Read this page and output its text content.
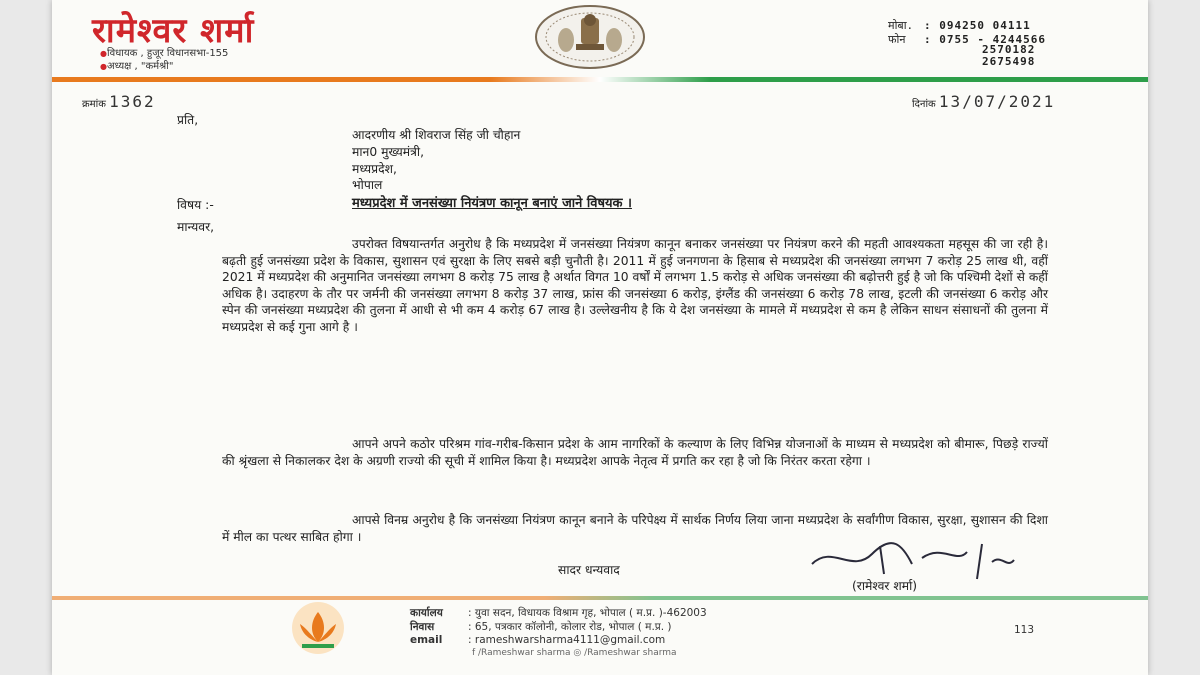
रामेश्वर शर्मा
● विधायक , हुजूर विधानसभा-155
● अध्यक्ष , "कर्मश्री"
मोबा. : 094250 04111
फोन : 0755 - 4244566
2570182
2675498
क्रमांक 1362	दिनांक 13/07/2021
प्रति,
आदरणीय श्री शिवराज सिंह जी चौहान
मान0 मुख्यमंत्री,
मध्यप्रदेश,
भोपाल
विषय :-	मध्यप्रदेश में जनसंख्या नियंत्रण कानून बनाएं जाने विषयक ।
मान्यवर,
उपरोक्त विषयान्तर्गत अनुरोध है कि मध्यप्रदेश में जनसंख्या नियंत्रण कानून बनाकर जनसंख्या पर नियंत्रण करने की महती आवश्यकता महसूस की जा रही है। बढ़ती हुई जनसंख्या प्रदेश के विकास, सुशासन एवं सुरक्षा के लिए सबसे बड़ी चुनौती है। 2011 में हुई जनगणना के हिसाब से मध्यप्रदेश की जनसंख्या लगभग 7 करोड़ 25 लाख थी, वहीं 2021 में मध्यप्रदेश की अनुमानित जनसंख्या लगभग 8 करोड़ 75 लाख है अर्थात विगत 10 वर्षों में लगभग 1.5 करोड़ से अधिक जनसंख्या की बढ़ोत्तरी हुई है जो कि पश्चिमी देशों से कहीं अधिक है। उदाहरण के तौर पर जर्मनी की जनसंख्या लगभग 8 करोड़ 37 लाख, फ्रांस की जनसंख्या 6 करोड़, इंग्लैंड की जनसंख्या 6 करोड़ 78 लाख, इटली की जनसंख्या 6 करोड़ और स्पेन की जनसंख्या मध्यप्रदेश की तुलना में आधी से भी कम 4 करोड़ 67 लाख है। उल्लेखनीय है कि ये देश जनसंख्या के मामले में मध्यप्रदेश से कम है लेकिन साधन संसाधनों की तुलना में मध्यप्रदेश से कई गुना आगे है ।
आपने अपने कठोर परिश्रम गांव-गरीब-किसान प्रदेश के आम नागरिकों के कल्याण के लिए विभिन्न योजनाओं के माध्यम से मध्यप्रदेश को बीमारू, पिछड़े राज्यों की श्रृंखला से निकालकर देश के अग्रणी राज्यो की सूची में शामिल किया है। मध्यप्रदेश आपके नेतृत्व में प्रगति कर रहा है जो कि निरंतर करता रहेगा ।
आपसे विनम्र अनुरोध है कि जनसंख्या नियंत्रण कानून बनाने के परिपेक्ष्य में सार्थक निर्णय लिया जाना मध्यप्रदेश के सर्वांगीण विकास, सुरक्षा, सुशासन की दिशा में मील का पत्थर साबित होगा ।
सादर धन्यवाद
(रामेश्वर शर्मा)
कार्यालय : युवा सदन, विधायक विश्राम गृह, भोपाल ( म.प्र. )-462003
निवास	: 65, पत्रकार कॉलोनी, कोलार रोड, भोपाल ( म.प्र. )
email : rameshwarsharma4111@gmail.com
f /Rameshwar sharma ◎ /Rameshwar sharma
113
